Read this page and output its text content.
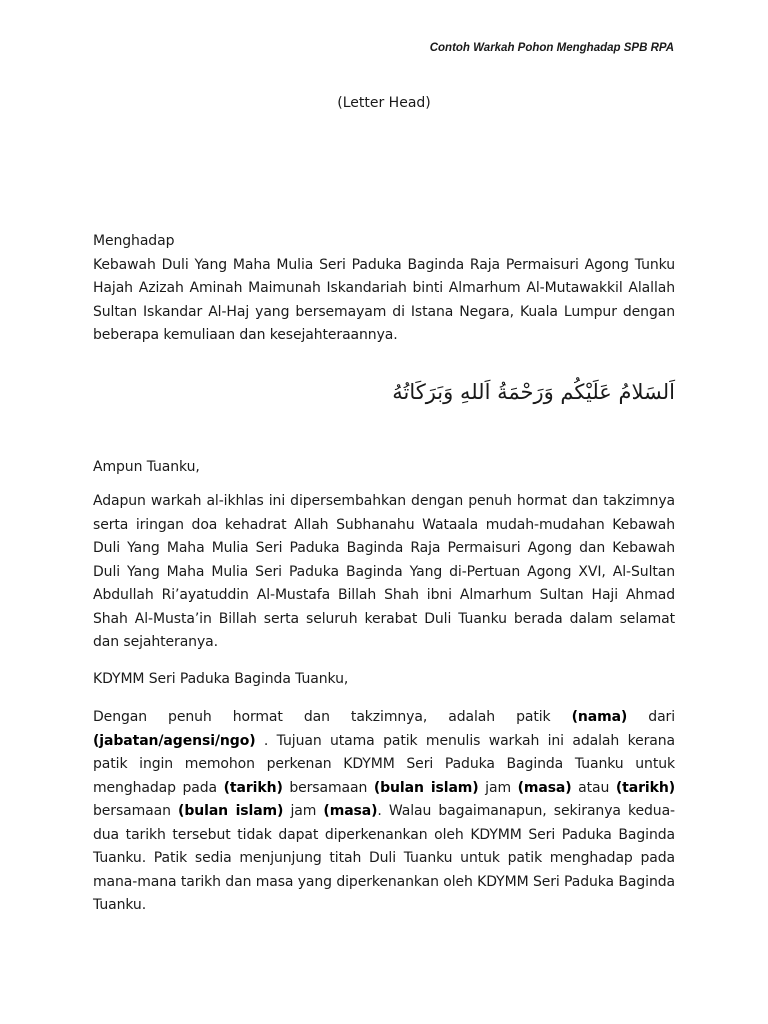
Contoh Warkah Pohon Menghadap SPB RPA
(Letter Head)

Menghadap

Kebawah Duli Yang Maha Mulia Seri Paduka Baginda Raja Permaisuri Agong Tunku Hajah Azizah Aminah Maimunah Iskandariah binti Almarhum Al-Mutawakkil Alallah Sultan Iskandar Al-Haj yang bersemayam di Istana Negara, Kuala Lumpur dengan beberapa kemuliaan dan kesejahteraannya.

اَلسَلامُ عَلَيْكُم وَرَحْمَةُ اَللهِ وَبَرَكَاتُهُ

Ampun Tuanku,

Adapun warkah al-ikhlas ini dipersembahkan dengan penuh hormat dan takzimnya serta iringan doa kehadrat Allah Subhanahu Wataala mudah-mudahan Kebawah Duli Yang Maha Mulia Seri Paduka Baginda Raja Permaisuri Agong dan Kebawah Duli Yang Maha Mulia Seri Paduka Baginda Yang di-Pertuan Agong XVI, Al-Sultan Abdullah Ri’ayatuddin Al-Mustafa Billah Shah ibni Almarhum Sultan Haji Ahmad Shah Al-Musta’in Billah serta seluruh kerabat Duli Tuanku berada dalam selamat dan sejahteranya.

KDYMM Seri Paduka Baginda Tuanku,

Dengan penuh hormat dan takzimnya, adalah patik (nama) dari (jabatan/agensi/ngo) . Tujuan utama patik menulis warkah ini adalah kerana patik ingin memohon perkenan KDYMM Seri Paduka Baginda Tuanku untuk menghadap pada (tarikh) bersamaan (bulan islam) jam (masa) atau (tarikh) bersamaan (bulan islam) jam (masa). Walau bagaimanapun, sekiranya kedua-dua tarikh tersebut tidak dapat diperkenankan oleh KDYMM Seri Paduka Baginda Tuanku. Patik sedia menjunjung titah Duli Tuanku untuk patik menghadap pada mana-mana tarikh dan masa yang diperkenankan oleh KDYMM Seri Paduka Baginda Tuanku.
